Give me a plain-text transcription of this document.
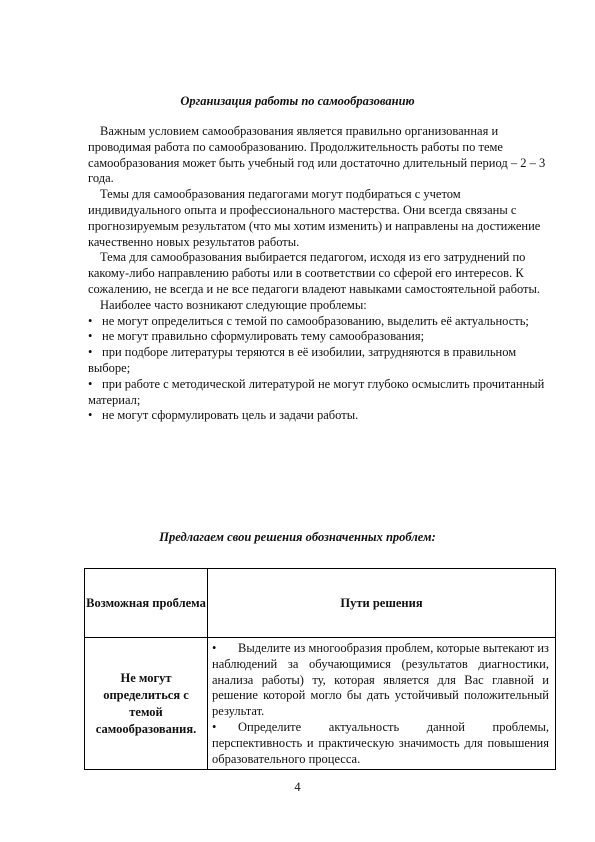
Организация работы по самообразованию

Важным условием самообразования является правильно организованная и проводимая работа по самообразованию. Продолжительность работы по теме самообразования может быть учебный год или достаточно длительный период – 2 – 3 года.

Темы для самообразования педагогами могут подбираться с учетом индивидуального опыта и профессионального мастерства. Они всегда связаны с прогнозируемым результатом (что мы хотим изменить) и направлены на достижение качественно новых результатов работы.

Тема для самообразования выбирается педагогом, исходя из его затруднений по какому-либо направлению работы или в соответствии со сферой его интересов. К сожалению, не всегда и не все педагоги владеют навыками самостоятельной работы.

Наиболее часто возникают следующие проблемы:

• не могут определиться с темой по самообразованию, выделить её актуальность;
• не могут правильно сформулировать тему самообразования;
• при подборе литературы теряются в её изобилии, затрудняются в правильном выборе;
• при работе с методической литературой не могут глубоко осмыслить прочитанный материал;
• не могут сформулировать цель и задачи работы.
Предлагаем свои решения обозначенных проблем:
Возможная проблема	Пути решения
Не могут определиться с темой самообразования.	• Выделите из многообразия проблем, которые вытекают из наблюдений за обучающимися (результатов диагностики, анализа работы) ту, которая является для Вас главной и решение которой могло бы дать устойчивый положительный результат.
• Определите актуальность данной проблемы, перспективность и практическую значимость для повышения образовательного процесса.
4
